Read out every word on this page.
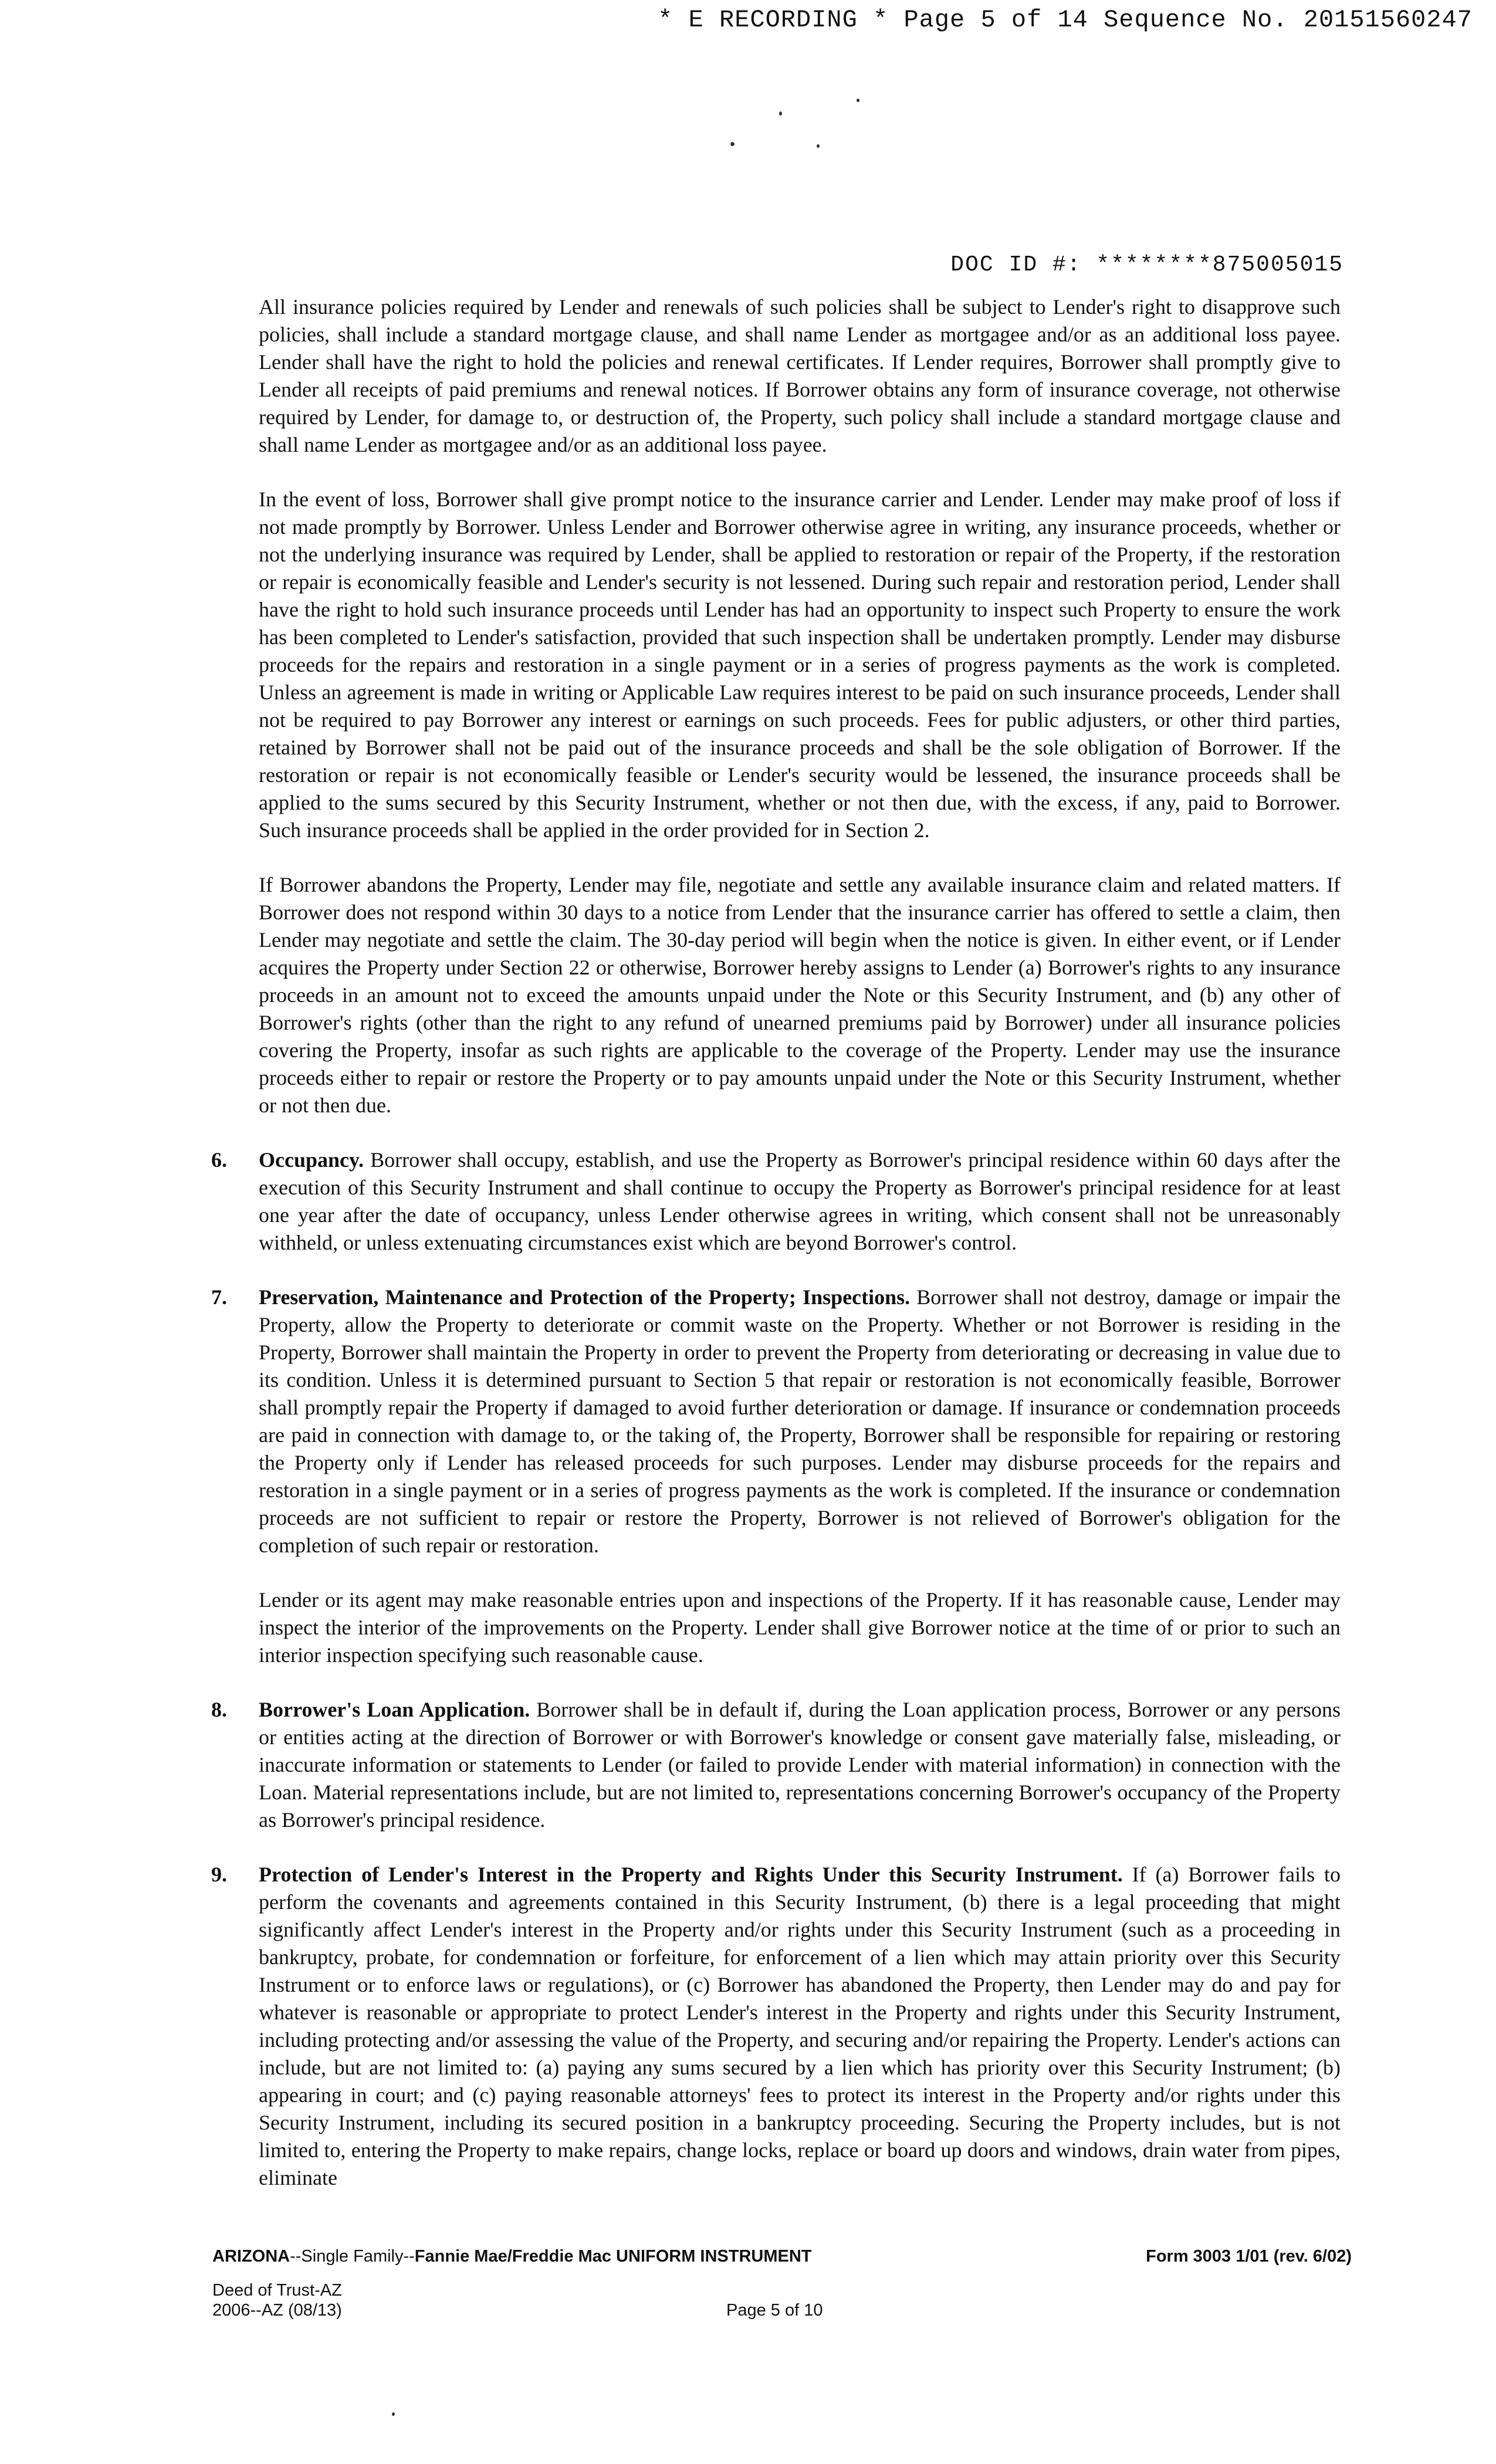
* E RECORDING * Page 5 of 14 Sequence No. 20151560247
DOC ID #: ********875005015

All insurance policies required by Lender and renewals of such policies shall be subject to Lender's right to disapprove such policies, shall include a standard mortgage clause, and shall name Lender as mortgagee and/or as an additional loss payee. Lender shall have the right to hold the policies and renewal certificates. If Lender requires, Borrower shall promptly give to Lender all receipts of paid premiums and renewal notices. If Borrower obtains any form of insurance coverage, not otherwise required by Lender, for damage to, or destruction of, the Property, such policy shall include a standard mortgage clause and shall name Lender as mortgagee and/or as an additional loss payee.

In the event of loss, Borrower shall give prompt notice to the insurance carrier and Lender. Lender may make proof of loss if not made promptly by Borrower. Unless Lender and Borrower otherwise agree in writing, any insurance proceeds, whether or not the underlying insurance was required by Lender, shall be applied to restoration or repair of the Property, if the restoration or repair is economically feasible and Lender's security is not lessened. During such repair and restoration period, Lender shall have the right to hold such insurance proceeds until Lender has had an opportunity to inspect such Property to ensure the work has been completed to Lender's satisfaction, provided that such inspection shall be undertaken promptly. Lender may disburse proceeds for the repairs and restoration in a single payment or in a series of progress payments as the work is completed. Unless an agreement is made in writing or Applicable Law requires interest to be paid on such insurance proceeds, Lender shall not be required to pay Borrower any interest or earnings on such proceeds. Fees for public adjusters, or other third parties, retained by Borrower shall not be paid out of the insurance proceeds and shall be the sole obligation of Borrower. If the restoration or repair is not economically feasible or Lender's security would be lessened, the insurance proceeds shall be applied to the sums secured by this Security Instrument, whether or not then due, with the excess, if any, paid to Borrower. Such insurance proceeds shall be applied in the order provided for in Section 2.

If Borrower abandons the Property, Lender may file, negotiate and settle any available insurance claim and related matters. If Borrower does not respond within 30 days to a notice from Lender that the insurance carrier has offered to settle a claim, then Lender may negotiate and settle the claim. The 30-day period will begin when the notice is given. In either event, or if Lender acquires the Property under Section 22 or otherwise, Borrower hereby assigns to Lender (a) Borrower's rights to any insurance proceeds in an amount not to exceed the amounts unpaid under the Note or this Security Instrument, and (b) any other of Borrower's rights (other than the right to any refund of unearned premiums paid by Borrower) under all insurance policies covering the Property, insofar as such rights are applicable to the coverage of the Property. Lender may use the insurance proceeds either to repair or restore the Property or to pay amounts unpaid under the Note or this Security Instrument, whether or not then due.

6. Occupancy. Borrower shall occupy, establish, and use the Property as Borrower's principal residence within 60 days after the execution of this Security Instrument and shall continue to occupy the Property as Borrower's principal residence for at least one year after the date of occupancy, unless Lender otherwise agrees in writing, which consent shall not be unreasonably withheld, or unless extenuating circumstances exist which are beyond Borrower's control.
7. Preservation, Maintenance and Protection of the Property; Inspections. Borrower shall not destroy, damage or impair the Property, allow the Property to deteriorate or commit waste on the Property. Whether or not Borrower is residing in the Property, Borrower shall maintain the Property in order to prevent the Property from deteriorating or decreasing in value due to its condition. Unless it is determined pursuant to Section 5 that repair or restoration is not economically feasible, Borrower shall promptly repair the Property if damaged to avoid further deterioration or damage. If insurance or condemnation proceeds are paid in connection with damage to, or the taking of, the Property, Borrower shall be responsible for repairing or restoring the Property only if Lender has released proceeds for such purposes. Lender may disburse proceeds for the repairs and restoration in a single payment or in a series of progress payments as the work is completed. If the insurance or condemnation proceeds are not sufficient to repair or restore the Property, Borrower is not relieved of Borrower's obligation for the completion of such repair or restoration.
Lender or its agent may make reasonable entries upon and inspections of the Property. If it has reasonable cause, Lender may inspect the interior of the improvements on the Property. Lender shall give Borrower notice at the time of or prior to such an interior inspection specifying such reasonable cause.
8. Borrower's Loan Application. Borrower shall be in default if, during the Loan application process, Borrower or any persons or entities acting at the direction of Borrower or with Borrower's knowledge or consent gave materially false, misleading, or inaccurate information or statements to Lender (or failed to provide Lender with material information) in connection with the Loan. Material representations include, but are not limited to, representations concerning Borrower's occupancy of the Property as Borrower's principal residence.
9. Protection of Lender's Interest in the Property and Rights Under this Security Instrument. If (a) Borrower fails to perform the covenants and agreements contained in this Security Instrument, (b) there is a legal proceeding that might significantly affect Lender's interest in the Property and/or rights under this Security Instrument (such as a proceeding in bankruptcy, probate, for condemnation or forfeiture, for enforcement of a lien which may attain priority over this Security Instrument or to enforce laws or regulations), or (c) Borrower has abandoned the Property, then Lender may do and pay for whatever is reasonable or appropriate to protect Lender's interest in the Property and rights under this Security Instrument, including protecting and/or assessing the value of the Property, and securing and/or repairing the Property. Lender's actions can include, but are not limited to: (a) paying any sums secured by a lien which has priority over this Security Instrument; (b) appearing in court; and (c) paying reasonable attorneys' fees to protect its interest in the Property and/or rights under this Security Instrument, including its secured position in a bankruptcy proceeding. Securing the Property includes, but is not limited to, entering the Property to make repairs, change locks, replace or board up doors and windows, drain water from pipes, eliminate
ARIZONA--Single Family--Fannie Mae/Freddie Mac UNIFORM INSTRUMENT	Form 3003 1/01 (rev. 6/02)
Deed of Trust-AZ
2006--AZ (08/13)	Page 5 of 10
